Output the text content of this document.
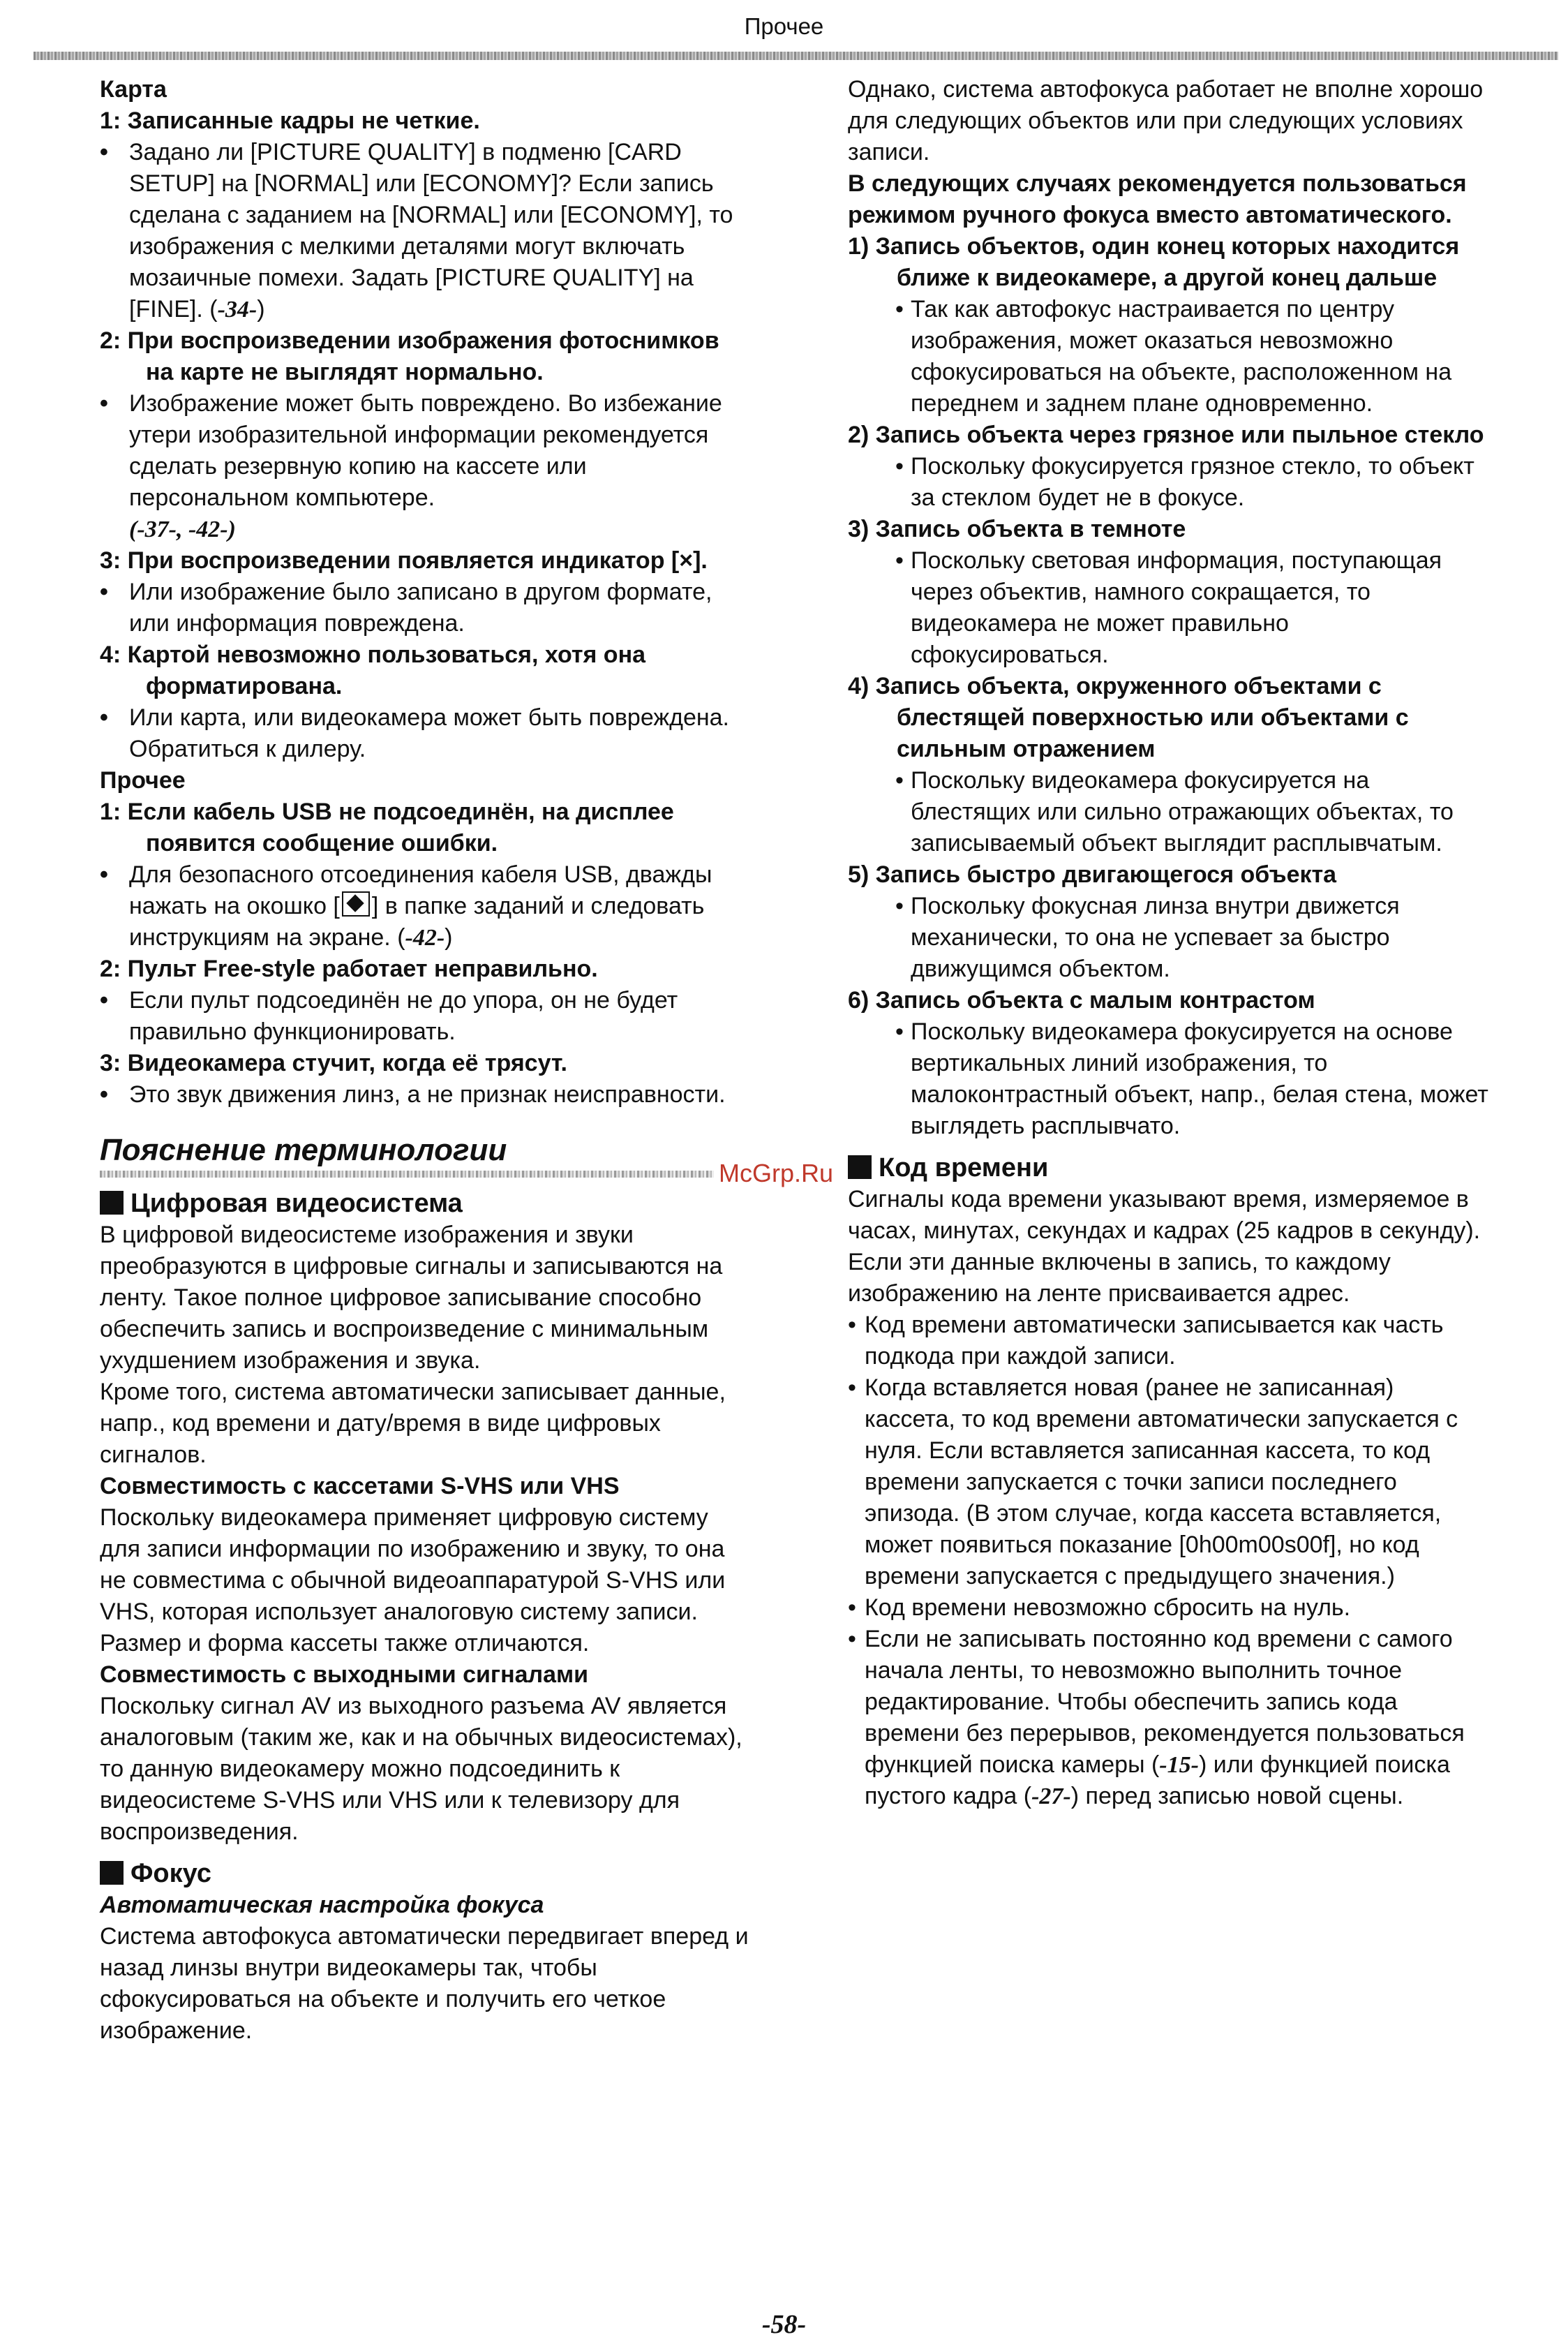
Прочее

Карта

1: Записанные кадры не четкие.

• Задано ли [PICTURE QUALITY] в подменю [CARD SETUP] на [NORMAL] или [ECONOMY]? Если запись сделана с заданием на [NORMAL] или [ECONOMY], то изображения с мелкими деталями могут включать мозаичные помехи. Задать [PICTURE QUALITY] на [FINE]. (-34-)

2: При воспроизведении изображения фотоснимков на карте не выглядят нормально.

• Изображение может быть повреждено. Во избежание утери изобразительной информации рекомендуется сделать резервную копию на кассете или персональном компьютере.
(-37-, -42-)

3: При воспроизведении появляется индикатор [×].

• Или изображение было записано в другом формате, или информация повреждена.

4: Картой невозможно пользоваться, хотя она форматирована.

• Или карта, или видеокамера может быть повреждена. Обратиться к дилеру.

Прочее

1: Если кабель USB не подсоединён, на дисплее появится сообщение ошибки.

• Для безопасного отсоединения кабеля USB, дважды нажать на окошко [ ] в папке заданий и следовать инструкциям на экране. (-42-)

2: Пульт Free-style работает неправильно.

• Если пульт подсоединён не до упора, он не будет правильно функционировать.

3: Видеокамера стучит, когда её трясут.

• Это звук движения линз, а не признак неисправности.

Пояснение терминологии

Цифровая видеосистема

В цифровой видеосистеме изображения и звуки преобразуются в цифровые сигналы и записываются на ленту. Такое полное цифровое записывание способно обеспечить запись и воспроизведение с минимальным ухудшением изображения и звука.

Кроме того, система автоматически записывает данные, напр., код времени и дату/время в виде цифровых сигналов.

Совместимость с кассетами S-VHS или VHS

Поскольку видеокамера применяет цифровую систему для записи информации по изображению и звуку, то она не совместима с обычной видеоаппаратурой S-VHS или VHS, которая использует аналоговую систему записи.

Размер и форма кассеты также отличаются.

Совместимость с выходными сигналами

Поскольку сигнал AV из выходного разъема AV является аналоговым (таким же, как и на обычных видеосистемах), то данную видеокамеру можно подсоединить к видеосистеме S-VHS или VHS или к телевизору для воспроизведения.

Фокус

Автоматическая настройка фокуса

Система автофокуса автоматически передвигает вперед и назад линзы внутри видеокамеры так, чтобы сфокусироваться на объекте и получить его четкое изображение.

Однако, система автофокуса работает не вполне хорошо для следующих объектов или при следующих условиях записи.

В следующих случаях рекомендуется пользоваться режимом ручного фокуса вместо автоматического.

1) Запись объектов, один конец которых находится ближе к видеокамере, а другой конец дальше

• Так как автофокус настраивается по центру изображения, может оказаться невозможно сфокусироваться на объекте, расположенном на переднем и заднем плане одновременно.

2) Запись объекта через грязное или пыльное стекло

• Поскольку фокусируется грязное стекло, то объект за стеклом будет не в фокусе.

3) Запись объекта в темноте

• Поскольку световая информация, поступающая через объектив, намного сокращается, то видеокамера не может правильно сфокусироваться.

4) Запись объекта, окруженного объектами с блестящей поверхностью или объектами с сильным отражением

• Поскольку видеокамера фокусируется на блестящих или сильно отражающих объектах, то записываемый объект выглядит расплывчатым.

5) Запись быстро двигающегося объекта

• Поскольку фокусная линза внутри движется механически, то она не успевает за быстро движущимся объектом.

6) Запись объекта с малым контрастом

• Поскольку видеокамера фокусируется на основе вертикальных линий изображения, то малоконтрастный объект, напр., белая стена, может выглядеть расплывчато.

Код времени

Сигналы кода времени указывают время, измеряемое в часах, минутах, секундах и кадрах (25 кадров в секунду). Если эти данные включены в запись, то каждому изображению на ленте присваивается адрес.

• Код времени автоматически записывается как часть подкода при каждой записи.

• Когда вставляется новая (ранее не записанная) кассета, то код времени автоматически запускается с нуля. Если вставляется записанная кассета, то код времени запускается с точки записи последнего эпизода. (В этом случае, когда кассета вставляется, может появиться показание [0h00m00s00f], но код времени запускается с предыдущего значения.)

• Код времени невозможно сбросить на нуль.

• Если не записывать постоянно код времени с самого начала ленты, то невозможно выполнить точное редактирование. Чтобы обеспечить запись кода времени без перерывов, рекомендуется пользоваться функцией поиска камеры (-15-) или функцией поиска пустого кадра (-27-) перед записью новой сцены.

McGrp.Ru
-58-
